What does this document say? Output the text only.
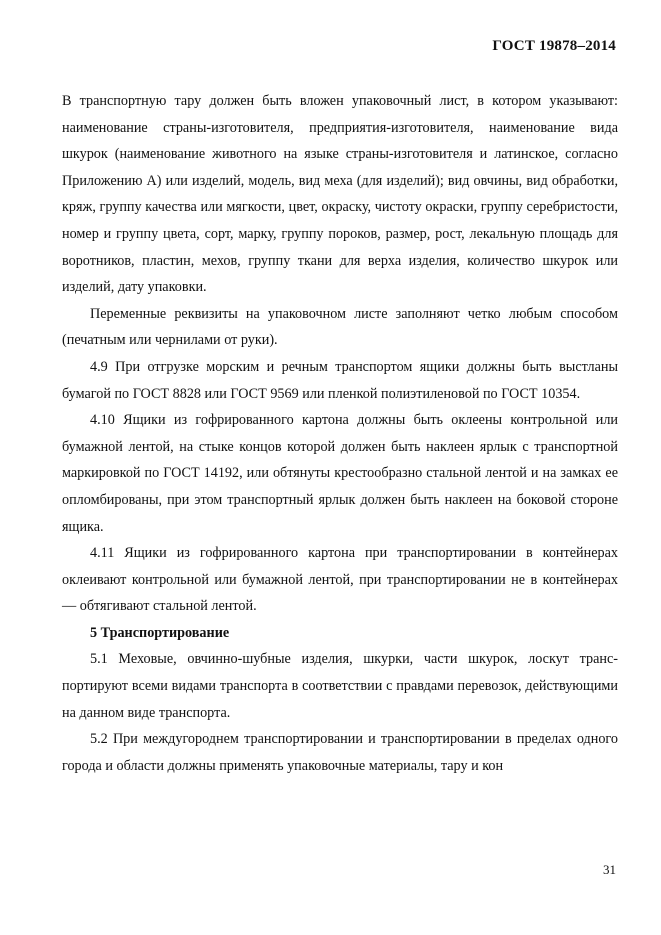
ГОСТ 19878–2014

В транспортную тару должен быть вложен упаковочный лист, в котором указывают: наименование страны-изготовителя, предприятия-изготовителя, наименование вида шкурок (наименование животного на языке страны-изготовителя и латинское, согласно Приложению А) или изделий, модель, вид меха (для изделий); вид овчины, вид обработки, кряж, группу качества или мягкости, цвет, окраску, чистоту окраски, группу серебристости, номер и группу цвета, сорт, марку, группу пороков, размер, рост, лекальную площадь для воротников, пластин, мехов, группу ткани для верха изделия, количество шкурок или изделий, дату упаковки.

Переменные реквизиты на упаковочном листе заполняют четко любым способом (печатным или чернилами от руки).

4.9 При отгрузке морским и речным транспортом ящики должны быть выстланы бумагой по ГОСТ 8828 или ГОСТ 9569 или пленкой полиэтиленовой по ГОСТ 10354.

4.10 Ящики из гофрированного картона должны быть оклеены контрольной или бумажной лентой, на стыке концов которой должен быть наклеен ярлык с транспортной маркировкой по ГОСТ 14192, или обтянуты крестообразно стальной лентой и на замках ее опломбированы, при этом транспортный ярлык должен быть наклеен на боковой стороне ящика.

4.11 Ящики из гофрированного картона при транспортировании в контейнерах оклеивают контрольной или бумажной лентой, при транспортировании не в контейнерах — обтягивают стальной лентой.

5 Транспортирование

5.1 Меховые, овчинно-шубные изделия, шкурки, части шкурок, лоскут транспортируют всеми видами транспорта в соответствии с правдами перевозок, действующими на данном виде транспорта.

5.2 При междугороднем транспортировании и транспортировании в пределах одного города и области должны применять упаковочные материалы, тару и кон

31
